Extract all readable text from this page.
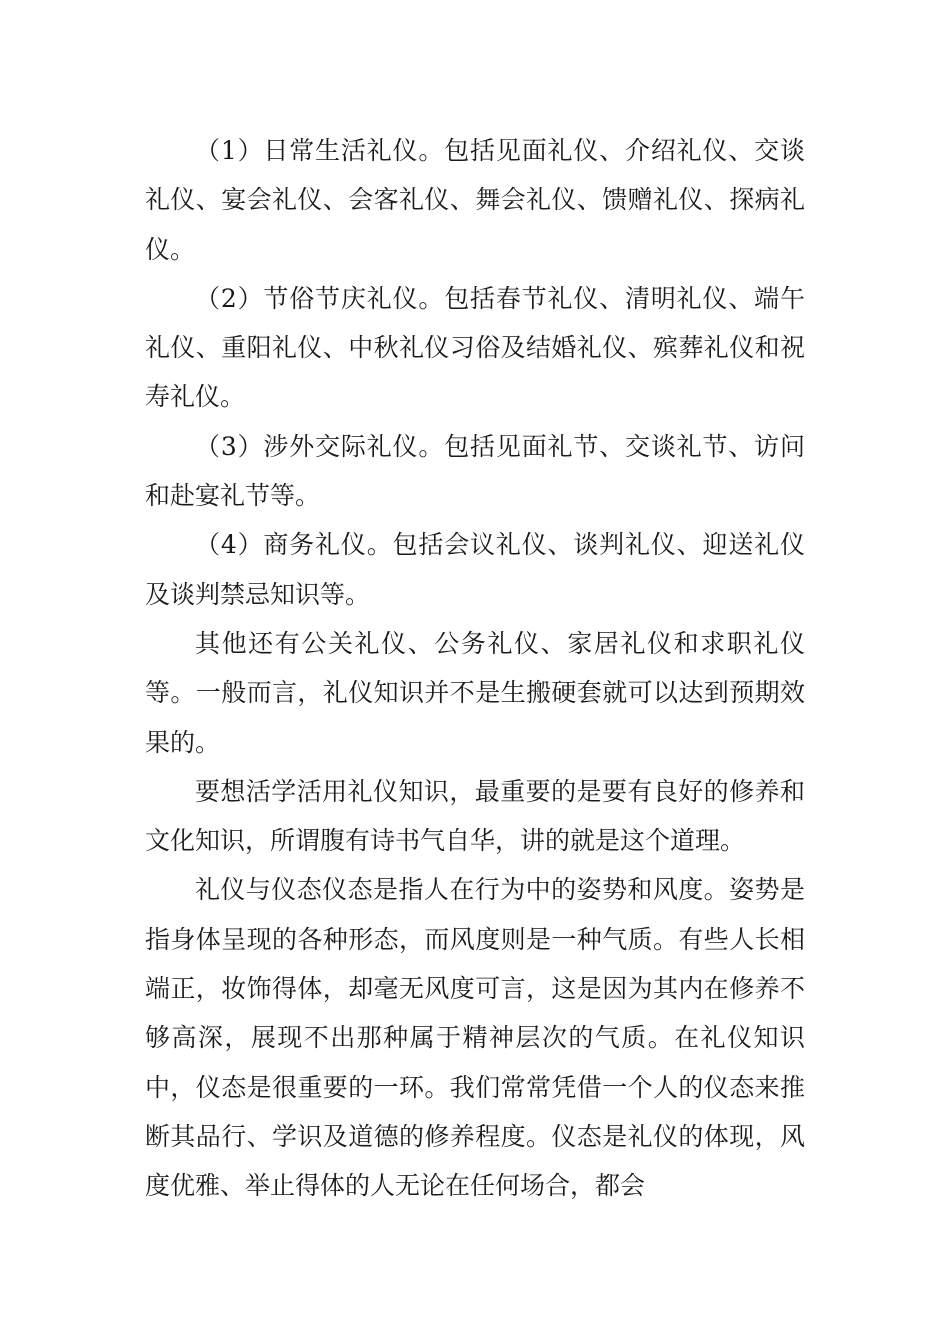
（1）日常生活礼仪。包括见面礼仪、介绍礼仪、交谈礼仪、宴会礼仪、会客礼仪、舞会礼仪、馈赠礼仪、探病礼仪。

（2）节俗节庆礼仪。包括春节礼仪、清明礼仪、端午礼仪、重阳礼仪、中秋礼仪习俗及结婚礼仪、殡葬礼仪和祝寿礼仪。

（3）涉外交际礼仪。包括见面礼节、交谈礼节、访问和赴宴礼节等。

（4）商务礼仪。包括会议礼仪、谈判礼仪、迎送礼仪及谈判禁忌知识等。

其他还有公关礼仪、公务礼仪、家居礼仪和求职礼仪等。一般而言，礼仪知识并不是生搬硬套就可以达到预期效果的。

要想活学活用礼仪知识，最重要的是要有良好的修养和文化知识，所谓腹有诗书气自华，讲的就是这个道理。

礼仪与仪态仪态是指人在行为中的姿势和风度。姿势是指身体呈现的各种形态，而风度则是一种气质。有些人长相端正，妆饰得体，却毫无风度可言，这是因为其内在修养不够高深，展现不出那种属于精神层次的气质。在礼仪知识中，仪态是很重要的一环。我们常常凭借一个人的仪态来推断其品行、学识及道德的修养程度。仪态是礼仪的体现，风度优雅、举止得体的人无论在任何场合，都会
